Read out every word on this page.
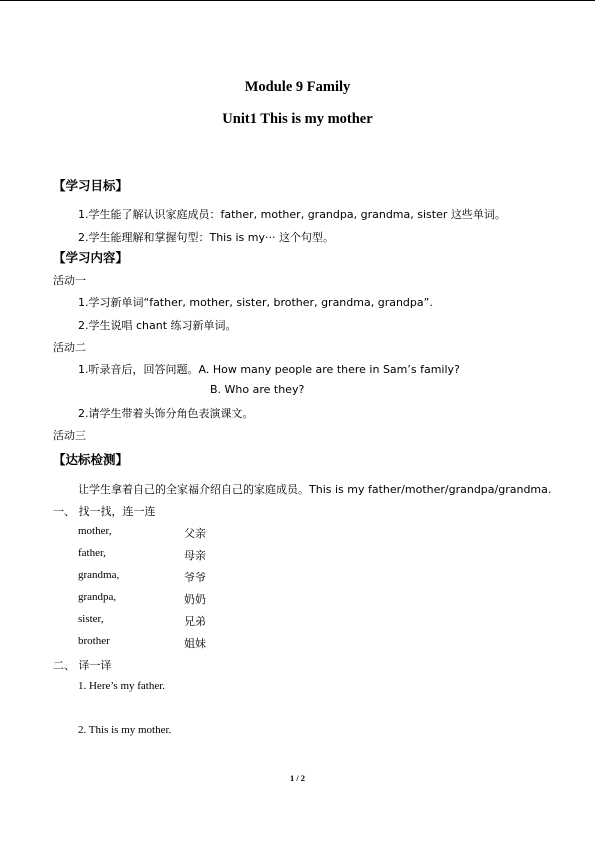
Module 9 Family
Unit1 This is my mother
【学习目标】
1.学生能了解认识家庭成员：father, mother, grandpa, grandma, sister 这些单词。
2.学生能理解和掌握句型：This is my··· 这个句型。
【学习内容】
活动一
1.学习新单词“father, mother, sister, brother, grandma, grandpa”.
2.学生说唱 chant 练习新单词。
活动二
1.听录音后，回答问题。A. How many people are there in Sam’s family?
B. Who are they?
2.请学生带着头饰分角色表演课文。
活动三
【达标检测】
让学生拿着自己的全家福介绍自己的家庭成员。This is my father/mother/grandpa/grandma.
一、 找一找，连一连
mother,	父亲
father,	母亲
grandma,	爷爷
grandpa,	奶奶
sister,	兄弟
brother	姐妹
二、 译一译
1. Here’s my father.
2. This is my mother.
1 / 2
